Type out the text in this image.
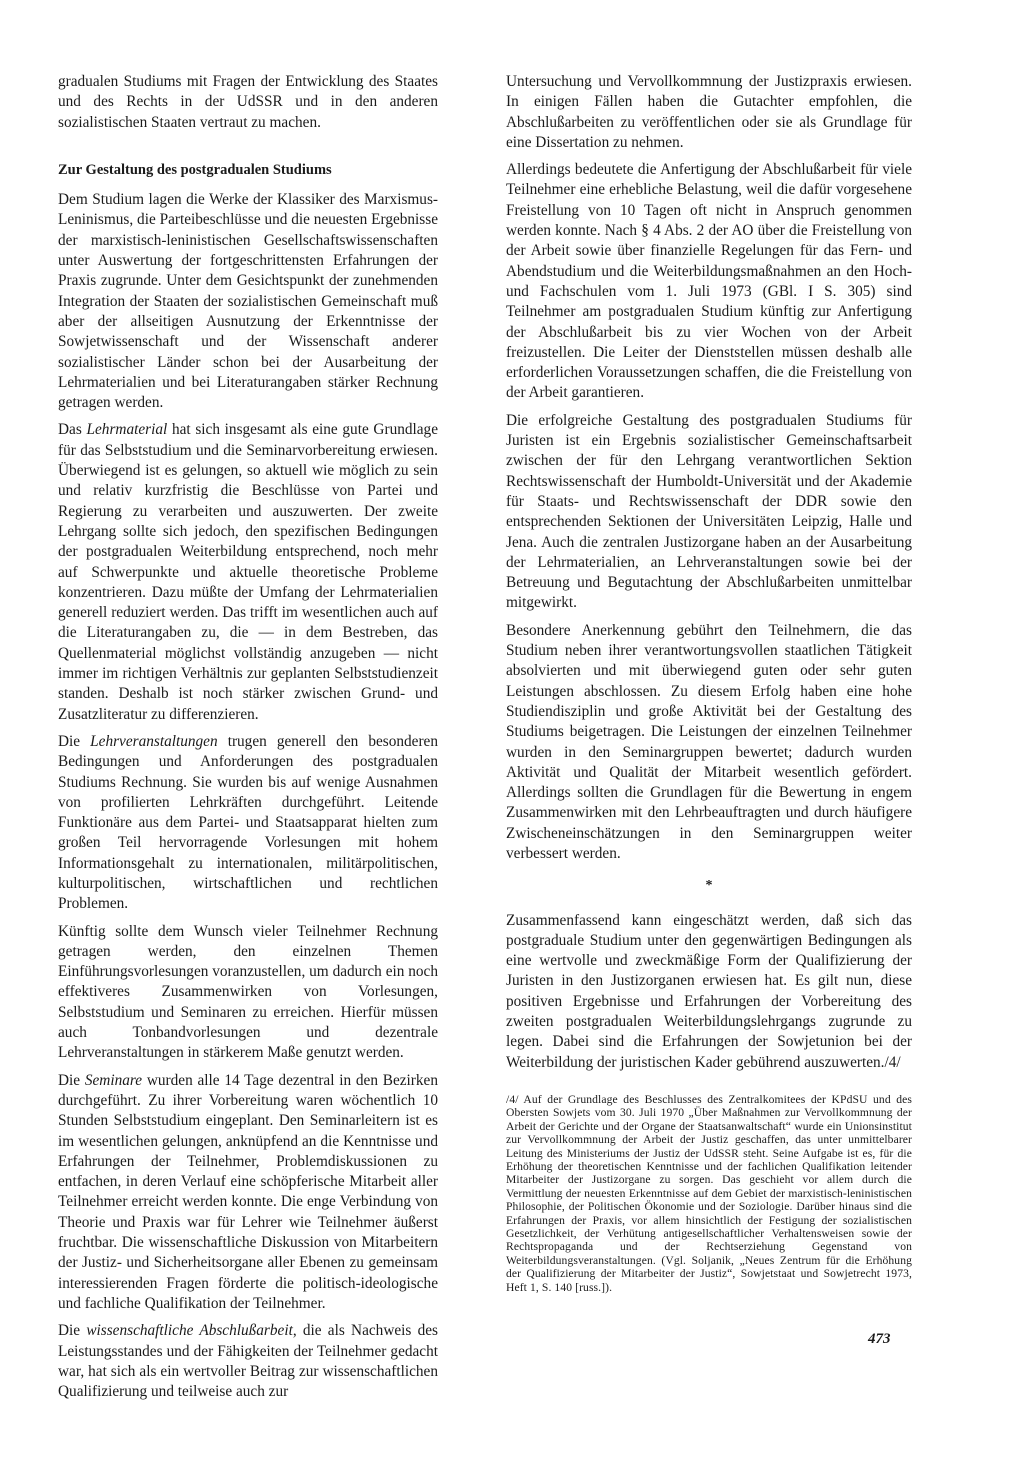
gradualen Studiums mit Fragen der Entwicklung des Staates und des Rechts in der UdSSR und in den anderen sozialistischen Staaten vertraut zu machen.

Zur Gestaltung des postgradualen Studiums

Dem Studium lagen die Werke der Klassiker des Marxismus-Leninismus, die Parteibeschlüsse und die neuesten Ergebnisse der marxistisch-leninistischen Gesellschaftswissenschaften unter Auswertung der fortgeschrittensten Erfahrungen der Praxis zugrunde. Unter dem Gesichtspunkt der zunehmenden Integration der Staaten der sozialistischen Gemeinschaft muß aber der allseitigen Ausnutzung der Erkenntnisse der Sowjetwissenschaft und der Wissenschaft anderer sozialistischer Länder schon bei der Ausarbeitung der Lehrmaterialien und bei Literaturangaben stärker Rechnung getragen werden.

Das Lehrmaterial hat sich insgesamt als eine gute Grundlage für das Selbststudium und die Seminarvorbereitung erwiesen. Überwiegend ist es gelungen, so aktuell wie möglich zu sein und relativ kurzfristig die Beschlüsse von Partei und Regierung zu verarbeiten und auszuwerten. Der zweite Lehrgang sollte sich jedoch, den spezifischen Bedingungen der postgradualen Weiterbildung entsprechend, noch mehr auf Schwerpunkte und aktuelle theoretische Probleme konzentrieren. Dazu müßte der Umfang der Lehrmaterialien generell reduziert werden. Das trifft im wesentlichen auch auf die Literaturangaben zu, die — in dem Bestreben, das Quellenmaterial möglichst vollständig anzugeben — nicht immer im richtigen Verhältnis zur geplanten Selbststudienzeit standen. Deshalb ist noch stärker zwischen Grund- und Zusatzliteratur zu differenzieren.

Die Lehrveranstaltungen trugen generell den besonderen Bedingungen und Anforderungen des postgradualen Studiums Rechnung. Sie wurden bis auf wenige Ausnahmen von profilierten Lehrkräften durchgeführt. Leitende Funktionäre aus dem Partei- und Staatsapparat hielten zum großen Teil hervorragende Vorlesungen mit hohem Informationsgehalt zu internationalen, militärpolitischen, kulturpolitischen, wirtschaftlichen und rechtlichen Problemen.

Künftig sollte dem Wunsch vieler Teilnehmer Rechnung getragen werden, den einzelnen Themen Einführungsvorlesungen voranzustellen, um dadurch ein noch effektiveres Zusammenwirken von Vorlesungen, Selbststudium und Seminaren zu erreichen. Hierfür müssen auch Tonbandvorlesungen und dezentrale Lehrveranstaltungen in stärkerem Maße genutzt werden.

Die Seminare wurden alle 14 Tage dezentral in den Bezirken durchgeführt. Zu ihrer Vorbereitung waren wöchentlich 10 Stunden Selbststudium eingeplant. Den Seminarleitern ist es im wesentlichen gelungen, anknüpfend an die Kenntnisse und Erfahrungen der Teilnehmer, Problemdiskussionen zu entfachen, in deren Verlauf eine schöpferische Mitarbeit aller Teilnehmer erreicht werden konnte. Die enge Verbindung von Theorie und Praxis war für Lehrer wie Teilnehmer äußerst fruchtbar. Die wissenschaftliche Diskussion von Mitarbeitern der Justiz- und Sicherheitsorgane aller Ebenen zu gemeinsam interessierenden Fragen förderte die politisch-ideologische und fachliche Qualifikation der Teilnehmer.

Die wissenschaftliche Abschlußarbeit, die als Nachweis des Leistungsstandes und der Fähigkeiten der Teilnehmer gedacht war, hat sich als ein wertvoller Beitrag zur wissenschaftlichen Qualifizierung und teilweise auch zur

Untersuchung und Vervollkommnung der Justizpraxis erwiesen. In einigen Fällen haben die Gutachter empfohlen, die Abschlußarbeiten zu veröffentlichen oder sie als Grundlage für eine Dissertation zu nehmen.

Allerdings bedeutete die Anfertigung der Abschlußarbeit für viele Teilnehmer eine erhebliche Belastung, weil die dafür vorgesehene Freistellung von 10 Tagen oft nicht in Anspruch genommen werden konnte. Nach § 4 Abs. 2 der AO über die Freistellung von der Arbeit sowie über finanzielle Regelungen für das Fern- und Abendstudium und die Weiterbildungsmaßnahmen an den Hoch- und Fachschulen vom 1. Juli 1973 (GBl. I S. 305) sind Teilnehmer am postgradualen Studium künftig zur Anfertigung der Abschlußarbeit bis zu vier Wochen von der Arbeit freizustellen. Die Leiter der Dienststellen müssen deshalb alle erforderlichen Voraussetzungen schaffen, die die Freistellung von der Arbeit garantieren.

Die erfolgreiche Gestaltung des postgradualen Studiums für Juristen ist ein Ergebnis sozialistischer Gemeinschaftsarbeit zwischen der für den Lehrgang verantwortlichen Sektion Rechtswissenschaft der Humboldt-Universität und der Akademie für Staats- und Rechtswissenschaft der DDR sowie den entsprechenden Sektionen der Universitäten Leipzig, Halle und Jena. Auch die zentralen Justizorgane haben an der Ausarbeitung der Lehrmaterialien, an Lehrveranstaltungen sowie bei der Betreuung und Begutachtung der Abschlußarbeiten unmittelbar mitgewirkt.

Besondere Anerkennung gebührt den Teilnehmern, die das Studium neben ihrer verantwortungsvollen staatlichen Tätigkeit absolvierten und mit überwiegend guten oder sehr guten Leistungen abschlossen. Zu diesem Erfolg haben eine hohe Studiendisziplin und große Aktivität bei der Gestaltung des Studiums beigetragen. Die Leistungen der einzelnen Teilnehmer wurden in den Seminargruppen bewertet; dadurch wurden Aktivität und Qualität der Mitarbeit wesentlich gefördert. Allerdings sollten die Grundlagen für die Bewertung in engem Zusammenwirken mit den Lehrbeauftragten und durch häufigere Zwischeneinschätzungen in den Seminargruppen weiter verbessert werden.

*

Zusammenfassend kann eingeschätzt werden, daß sich das postgraduale Studium unter den gegenwärtigen Bedingungen als eine wertvolle und zweckmäßige Form der Qualifizierung der Juristen in den Justizorganen erwiesen hat. Es gilt nun, diese positiven Ergebnisse und Erfahrungen der Vorbereitung des zweiten postgradualen Weiterbildungslehrgangs zugrunde zu legen. Dabei sind die Erfahrungen der Sowjetunion bei der Weiterbildung der juristischen Kader gebührend auszuwerten./4/

/4/ Auf der Grundlage des Beschlusses des Zentralkomitees der KPdSU und des Obersten Sowjets vom 30. Juli 1970 „Über Maßnahmen zur Vervollkommnung der Arbeit der Gerichte und der Organe der Staatsanwaltschaft“ wurde ein Unionsinstitut zur Vervollkommnung der Arbeit der Justiz geschaffen, das unter unmittelbarer Leitung des Ministeriums der Justiz der UdSSR steht. Seine Aufgabe ist es, für die Erhöhung der theoretischen Kenntnisse und der fachlichen Qualifikation leitender Mitarbeiter der Justizorgane zu sorgen. Das geschieht vor allem durch die Vermittlung der neuesten Erkenntnisse auf dem Gebiet der marxistisch-leninistischen Philosophie, der Politischen Ökonomie und der Soziologie. Darüber hinaus sind die Erfahrungen der Praxis, vor allem hinsichtlich der Festigung der sozialistischen Gesetzlichkeit, der Verhütung antigesellschaftlicher Verhaltensweisen sowie der Rechtspropaganda und der Rechtserziehung Gegenstand von Weiterbildungsveranstaltungen. (Vgl. Soljanik, „Neues Zentrum für die Erhöhung der Qualifizierung der Mitarbeiter der Justiz“, Sowjetstaat und Sowjetrecht 1973, Heft 1, S. 140 [russ.]).
473
